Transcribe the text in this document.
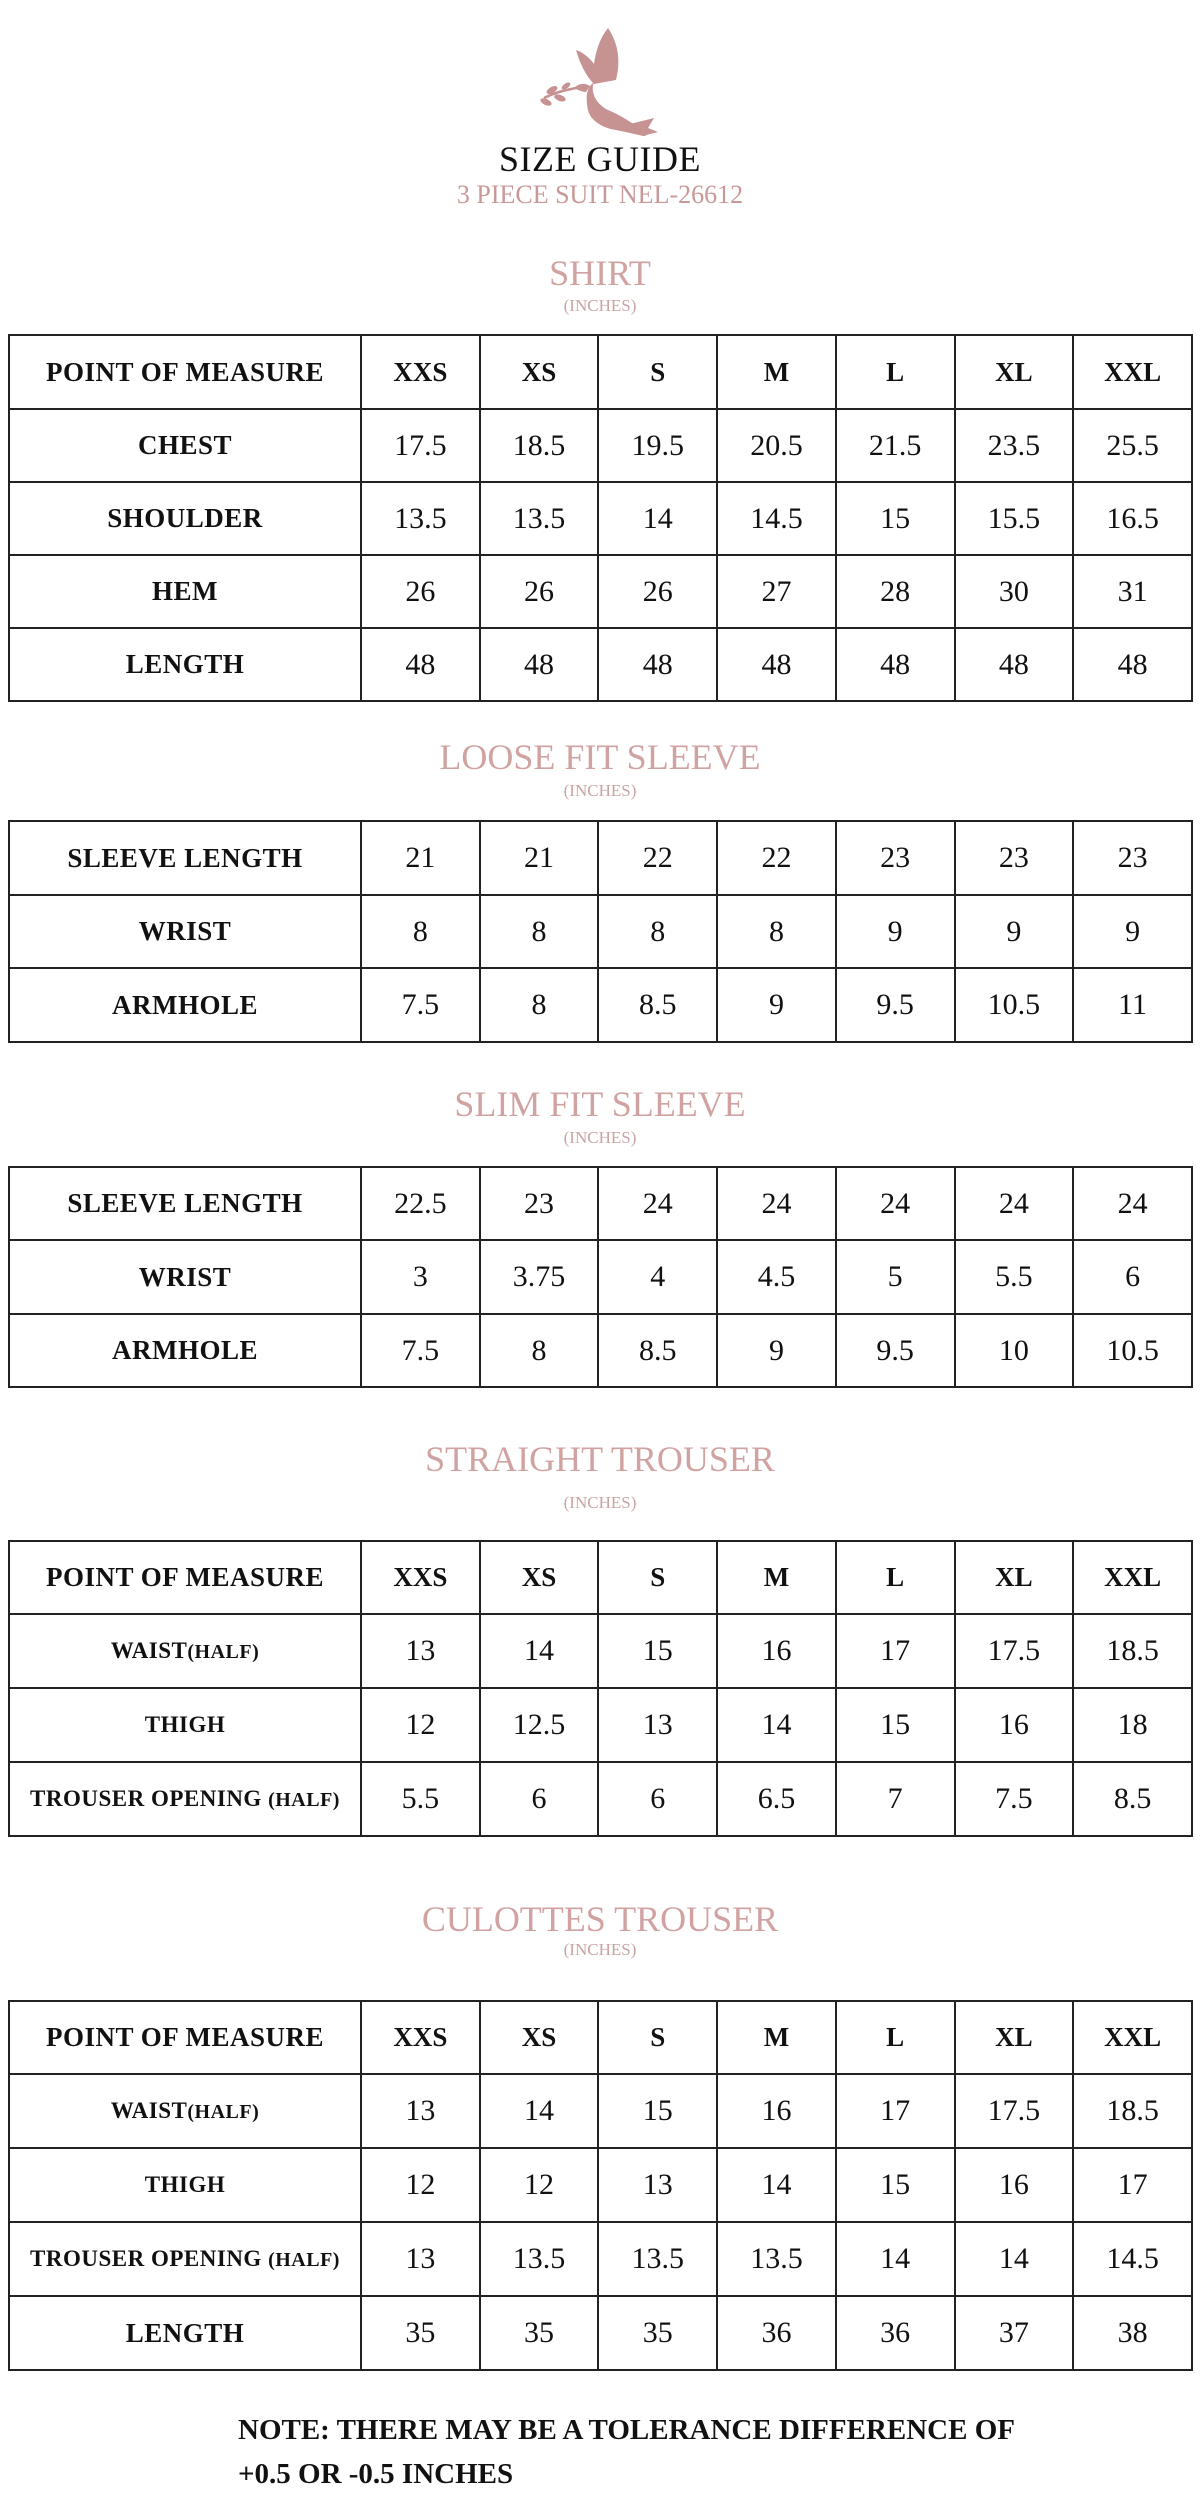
SIZE GUIDE
3 PIECE SUIT NEL-26612
SHIRT
(INCHES)
POINT OF MEASURE	XXS	XS	S	M	L	XL	XXL
CHEST	17.5	18.5	19.5	20.5	21.5	23.5	25.5
SHOULDER	13.5	13.5	14	14.5	15	15.5	16.5
HEM	26	26	26	27	28	30	31
LENGTH	48	48	48	48	48	48	48
LOOSE FIT SLEEVE
(INCHES)
SLEEVE LENGTH	21	21	22	22	23	23	23
WRIST	8	8	8	8	9	9	9
ARMHOLE	7.5	8	8.5	9	9.5	10.5	11
SLIM FIT SLEEVE
(INCHES)
SLEEVE LENGTH	22.5	23	24	24	24	24	24
WRIST	3	3.75	4	4.5	5	5.5	6
ARMHOLE	7.5	8	8.5	9	9.5	10	10.5
STRAIGHT TROUSER
(INCHES)
POINT OF MEASURE	XXS	XS	S	M	L	XL	XXL
WAIST(HALF)	13	14	15	16	17	17.5	18.5
THIGH	12	12.5	13	14	15	16	18
TROUSER OPENING (HALF)	5.5	6	6	6.5	7	7.5	8.5
CULOTTES TROUSER
(INCHES)
POINT OF MEASURE	XXS	XS	S	M	L	XL	XXL
WAIST(HALF)	13	14	15	16	17	17.5	18.5
THIGH	12	12	13	14	15	16	17
TROUSER OPENING (HALF)	13	13.5	13.5	13.5	14	14	14.5
LENGTH	35	35	35	36	36	37	38
NOTE: THERE MAY BE A TOLERANCE DIFFERENCE OF
+0.5 OR -0.5 INCHES
